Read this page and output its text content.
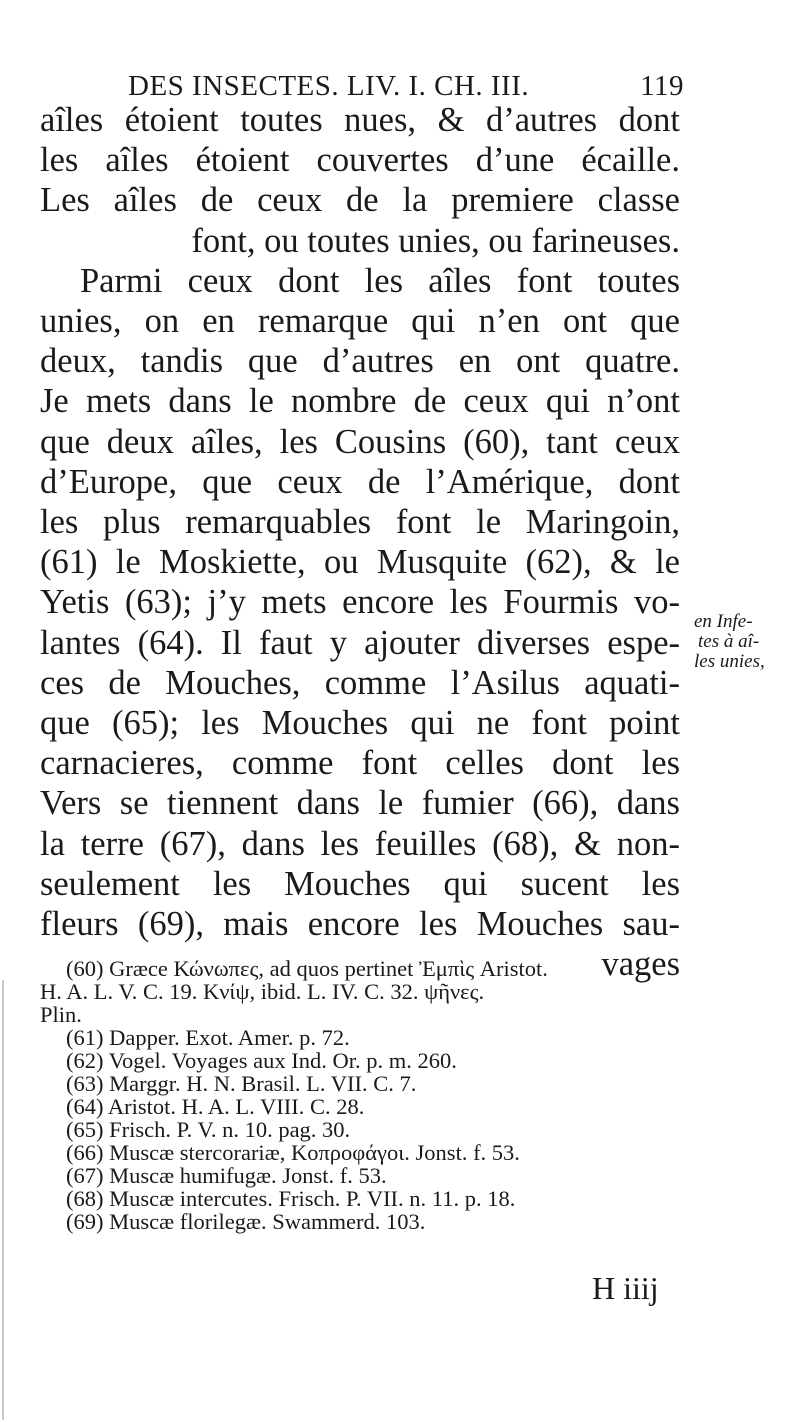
DES INSECTES. LIV. I. CH. III.	119
aîles étoient toutes nues, & d’autres dont
les aîles étoient couvertes d’une écaille.
Les aîles de ceux de la premiere classe
font, ou toutes unies, ou farineuses.
Parmi ceux dont les aîles font toutes
unies, on en remarque qui n’en ont que
deux, tandis que d’autres en ont quatre.
Je mets dans le nombre de ceux qui n’ont
que deux aîles, les Cousins (60), tant ceux
d’Europe, que ceux de l’Amérique, dont
les plus remarquables font le Maringoin,
(61) le Moskiette, ou Musquite (62), & le
Yetis (63); j’y mets encore les Fourmis vo-
lantes (64). Il faut y ajouter diverses espe-
ces de Mouches, comme l’Asilus aquati-
que (65); les Mouches qui ne font point
carnacieres, comme font celles dont les
Vers se tiennent dans le fumier (66), dans
la terre (67), dans les feuilles (68), & non-
seulement les Mouches qui sucent les
fleurs (69), mais encore les Mouches sau-
vages
en Infe-
tes à aî-
les unies,
(60) Græce Κώνωπες, ad quos pertinet Ἐμπὶς Aristot.
H. A. L. V. C. 19. Κνίψ, ibid. L. IV. C. 32. ψῆνες.
Plin.
(61) Dapper. Exot. Amer. p. 72.
(62) Vogel. Voyages aux Ind. Or. p. m. 260.
(63) Marggr. H. N. Brasil. L. VII. C. 7.
(64) Aristot. H. A. L. VIII. C. 28.
(65) Frisch. P. V. n. 10. pag. 30.
(66) Muscæ stercorariæ, Κοπροφάγοι. Jonst. f. 53.
(67) Muscæ humifugæ. Jonst. f. 53.
(68) Muscæ intercutes. Frisch. P. VII. n. 11. p. 18.
(69) Muscæ florilegæ. Swammerd. 103.
H iiij
